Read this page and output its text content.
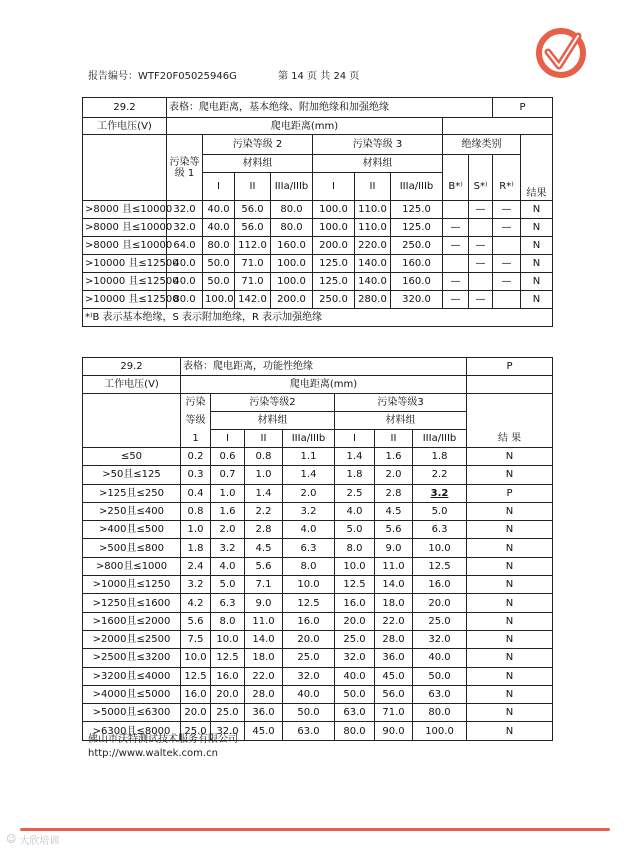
报告编号：WTF20F05025946G	第 14 页 共 24 页
29.2	表格：爬电距离，基本绝缘、附加绝缘和加强绝缘									P	
工作电压(V)	爬电距离(mm)										
	污染等级 1	污染等级 2			污染等级 3			绝缘类别			
		材料组			材料组						
		I	II	IIIa/IIIb	I	II	IIIa/IIIb	B*⁾	S*⁾	R*⁾	
											结果
>8000 且≤10000	32.0	40.0	56.0	80.0	100.0	110.0	125.0		—	—	N
>8000 且≤10000	32.0	40.0	56.0	80.0	100.0	110.0	125.0	—		—	N
>8000 且≤10000	64.0	80.0	112.0	160.0	200.0	220.0	250.0	—	—		N
>10000 且≤12500	40.0	50.0	71.0	100.0	125.0	140.0	160.0		—	—	N
>10000 且≤12500	40.0	50.0	71.0	100.0	125.0	140.0	160.0	—		—	N
>10000 且≤12500	80.0	100.0	142.0	200.0	250.0	280.0	320.0	—	—		N
*⁾B 表示基本绝缘，S 表示附加绝缘，R 表示加强绝缘											
29.2	表格：爬电距离，功能性绝缘							P
工作电压(V)	爬电距离(mm)							
	污染	污染等级2			污染等级3			
	等级	材料组			材料组			
	1	I	II	IIIa/IIIb	I	II	IIIa/IIIb	结 果
≤50	0.2	0.6	0.8	1.1	1.4	1.6	1.8	N
>50且≤125	0.3	0.7	1.0	1.4	1.8	2.0	2.2	N
>125且≤250	0.4	1.0	1.4	2.0	2.5	2.8	3.2	P
>250且≤400	0.8	1.6	2.2	3.2	4.0	4.5	5.0	N
>400且≤500	1.0	2.0	2.8	4.0	5.0	5.6	6.3	N
>500且≤800	1.8	3.2	4.5	6.3	8.0	9.0	10.0	N
>800且≤1000	2.4	4.0	5.6	8.0	10.0	11.0	12.5	N
>1000且≤1250	3.2	5.0	7.1	10.0	12.5	14.0	16.0	N
>1250且≤1600	4.2	6.3	9.0	12.5	16.0	18.0	20.0	N
>1600且≤2000	5.6	8.0	11.0	16.0	20.0	22.0	25.0	N
>2000且≤2500	7.5	10.0	14.0	20.0	25.0	28.0	32.0	N
>2500且≤3200	10.0	12.5	18.0	25.0	32.0	36.0	40.0	N
>3200且≤4000	12.5	16.0	22.0	32.0	40.0	45.0	50.0	N
>4000且≤5000	16.0	20.0	28.0	40.0	50.0	56.0	63.0	N
>5000且≤6300	20.0	25.0	36.0	50.0	63.0	71.0	80.0	N
>6300且≤8000	25.0	32.0	45.0	63.0	80.0	90.0	100.0	N
佛山市沃特测试技术服务有限公司
http://www.waltek.com.cn
☺ 大欣培训
